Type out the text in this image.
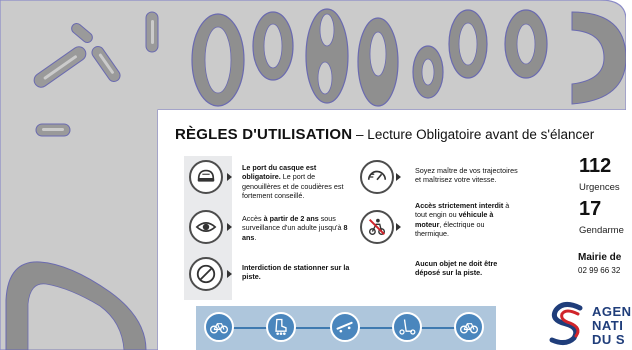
RÈGLES D'UTILISATION – Lecture Obligatoire avant de s'élancer
Le port du casque est obligatoire. Le port de genouillères et de coudières est fortement conseillé.
Accès à partir de 2 ans sous surveillance d'un adulte jusqu'à 8 ans.
Interdiction de stationner sur la piste.
Soyez maître de vos trajectoires et maîtrisez votre vitesse.
Accès strictement interdit à tout engin ou véhicule à moteur, électrique ou thermique.
Aucun objet ne doit être déposé sur la piste.
112
Urgences
17
Gendarme
Mairie de
02 99 66 32
AGEN
NATI
DU S
